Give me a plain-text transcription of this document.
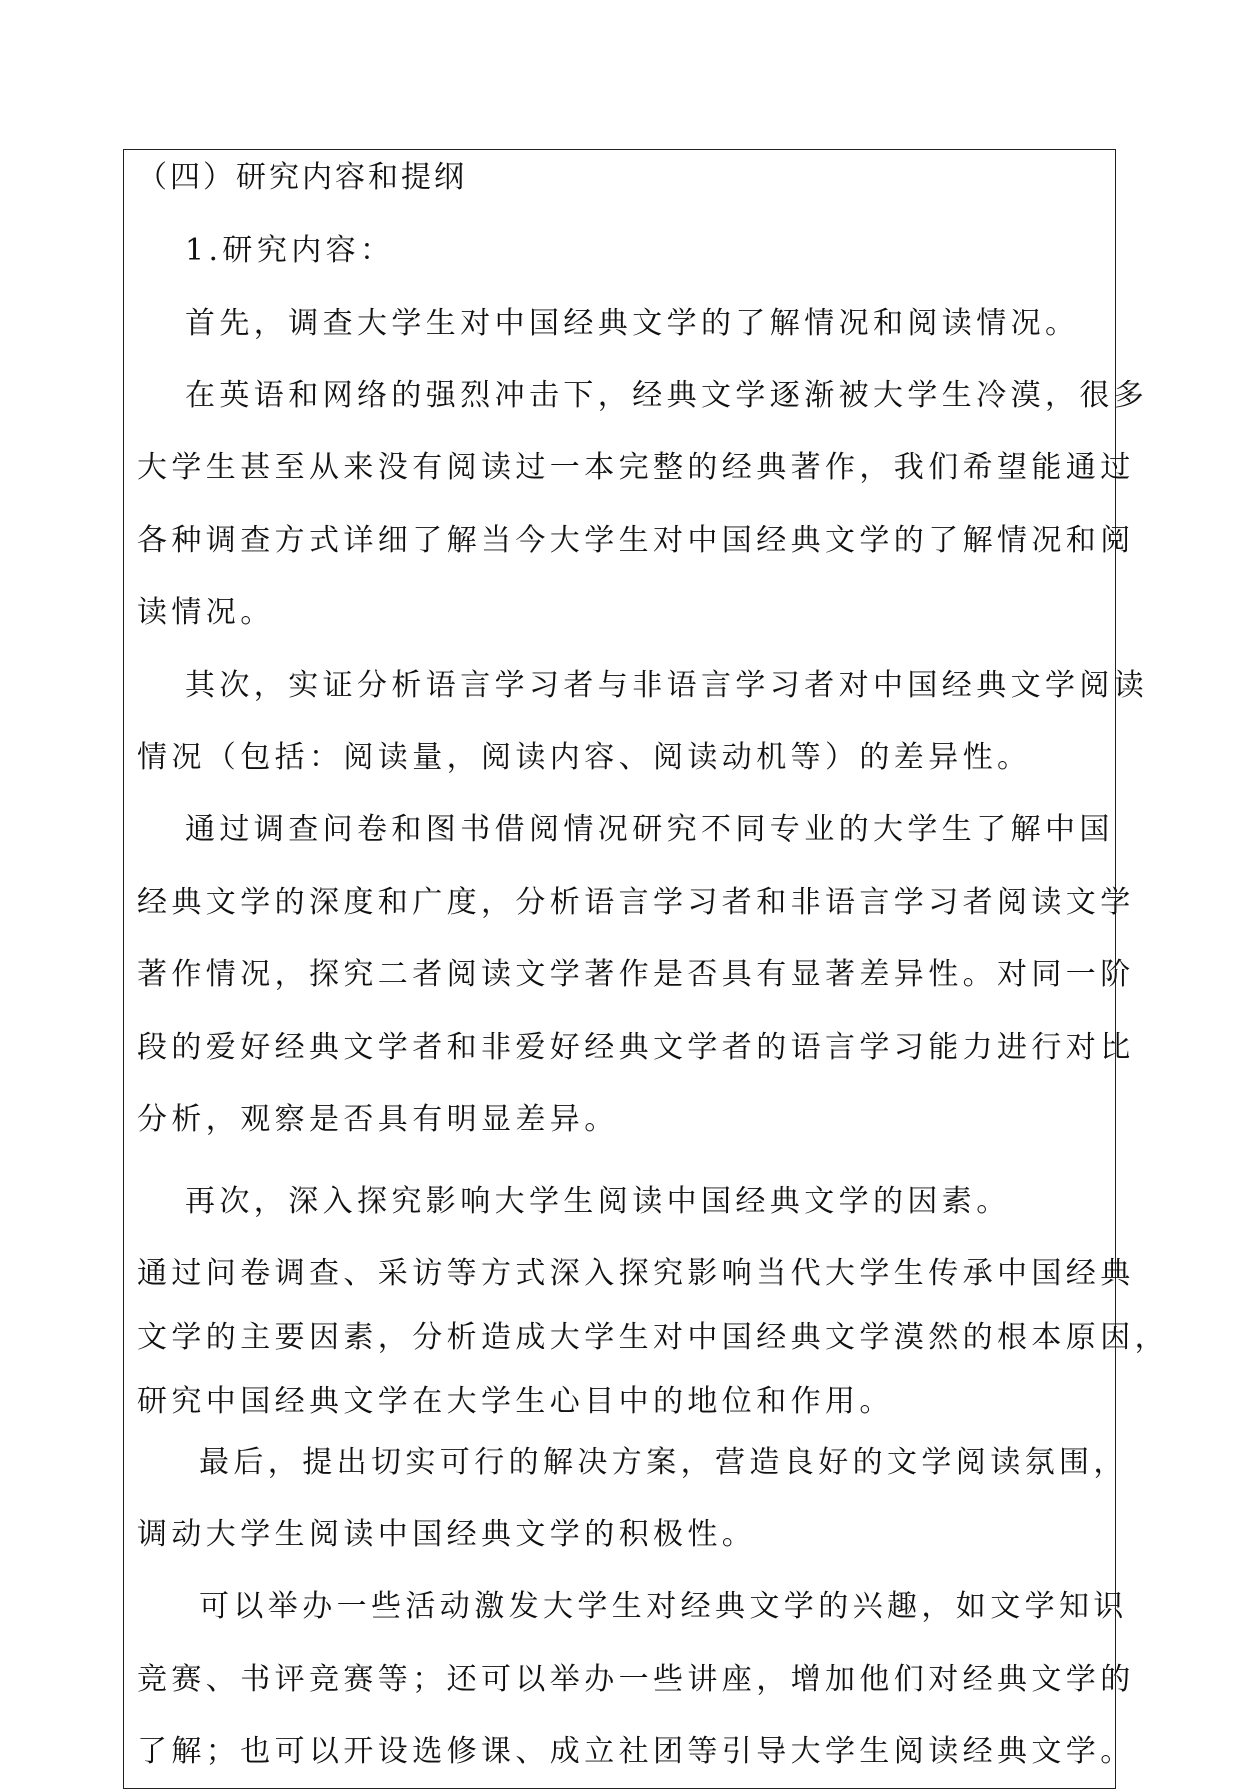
（四）研究内容和提纲
1.研究内容：
首先，调查大学生对中国经典文学的了解情况和阅读情况。
在英语和网络的强烈冲击下，经典文学逐渐被大学生冷漠，很多
大学生甚至从来没有阅读过一本完整的经典著作，我们希望能通过
各种调查方式详细了解当今大学生对中国经典文学的了解情况和阅
读情况。
其次，实证分析语言学习者与非语言学习者对中国经典文学阅读
情况（包括：阅读量，阅读内容、阅读动机等）的差异性。
通过调查问卷和图书借阅情况研究不同专业的大学生了解中国
经典文学的深度和广度，分析语言学习者和非语言学习者阅读文学
著作情况，探究二者阅读文学著作是否具有显著差异性。对同一阶
段的爱好经典文学者和非爱好经典文学者的语言学习能力进行对比
分析，观察是否具有明显差异。
再次，深入探究影响大学生阅读中国经典文学的因素。
通过问卷调查、采访等方式深入探究影响当代大学生传承中国经典
文学的主要因素，分析造成大学生对中国经典文学漠然的根本原因，
研究中国经典文学在大学生心目中的地位和作用。
最后，提出切实可行的解决方案，营造良好的文学阅读氛围，
调动大学生阅读中国经典文学的积极性。
可以举办一些活动激发大学生对经典文学的兴趣，如文学知识
竞赛、书评竞赛等；还可以举办一些讲座，增加他们对经典文学的
了解；也可以开设选修课、成立社团等引导大学生阅读经典文学。
